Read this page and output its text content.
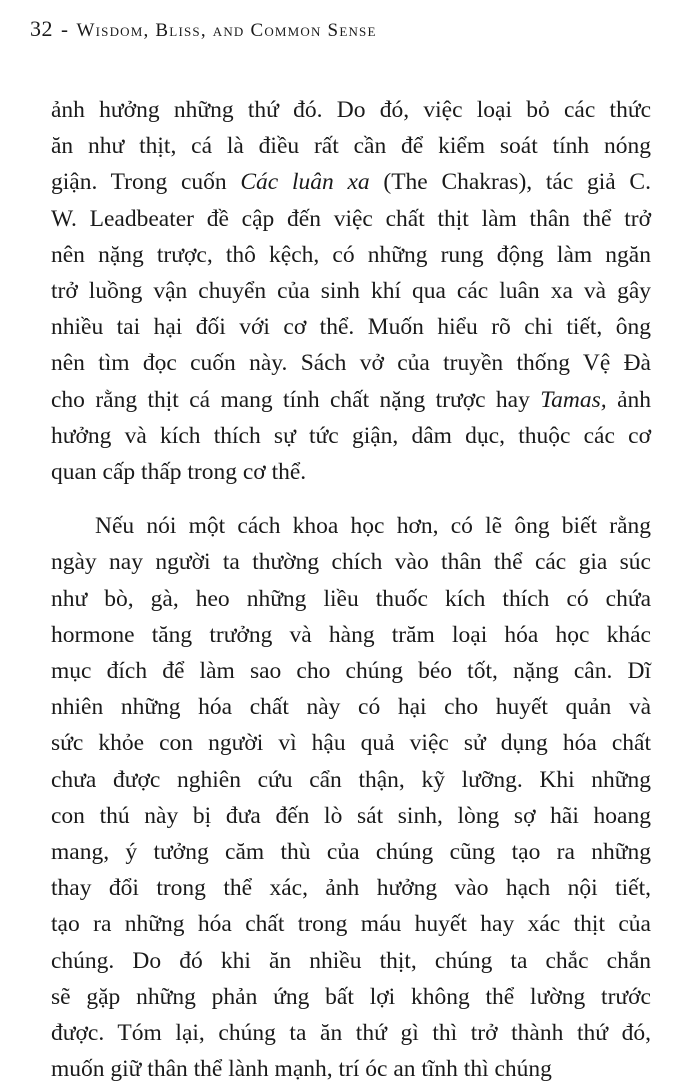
32 - Wisdom, Bliss, and Common Sense

ảnh hưởng những thứ đó. Do đó, việc loại bỏ các thức
ăn như thịt, cá là điều rất cần để kiểm soát tính nóng
giận. Trong cuốn Các luân xa (The Chakras), tác giả C.
W. Leadbeater đề cập đến việc chất thịt làm thân thể trở
nên nặng trược, thô kệch, có những rung động làm ngăn
trở luồng vận chuyển của sinh khí qua các luân xa và gây
nhiều tai hại đối với cơ thể. Muốn hiểu rõ chi tiết, ông
nên tìm đọc cuốn này. Sách vở của truyền thống Vệ Đà
cho rằng thịt cá mang tính chất nặng trược hay Tamas, ảnh
hưởng và kích thích sự tức giận, dâm dục, thuộc các cơ
quan cấp thấp trong cơ thể.

Nếu nói một cách khoa học hơn, có lẽ ông biết rằng
ngày nay người ta thường chích vào thân thể các gia súc
như bò, gà, heo những liều thuốc kích thích có chứa
hormone tăng trưởng và hàng trăm loại hóa học khác
mục đích để làm sao cho chúng béo tốt, nặng cân. Dĩ
nhiên những hóa chất này có hại cho huyết quản và
sức khỏe con người vì hậu quả việc sử dụng hóa chất
chưa được nghiên cứu cẩn thận, kỹ lưỡng. Khi những
con thú này bị đưa đến lò sát sinh, lòng sợ hãi hoang
mang, ý tưởng căm thù của chúng cũng tạo ra những
thay đổi trong thể xác, ảnh hưởng vào hạch nội tiết,
tạo ra những hóa chất trong máu huyết hay xác thịt của
chúng. Do đó khi ăn nhiều thịt, chúng ta chắc chắn
sẽ gặp những phản ứng bất lợi không thể lường trước
được. Tóm lại, chúng ta ăn thứ gì thì trở thành thứ đó,
muốn giữ thân thể lành mạnh, trí óc an tĩnh thì chúng
